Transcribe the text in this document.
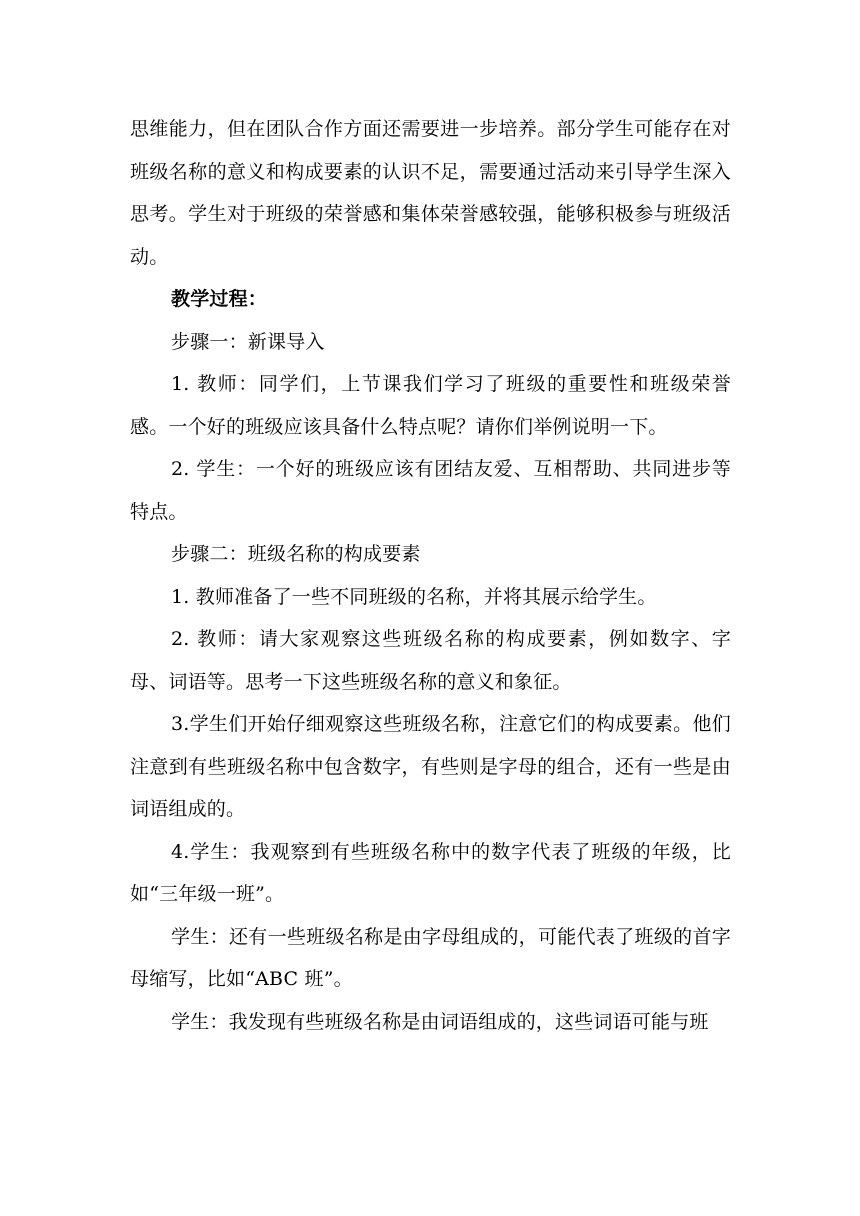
思维能力，但在团队合作方面还需要进一步培养。部分学生可能存在对班级名称的意义和构成要素的认识不足，需要通过活动来引导学生深入思考。学生对于班级的荣誉感和集体荣誉感较强，能够积极参与班级活动。

教学过程：

步骤一：新课导入

1. 教师：同学们，上节课我们学习了班级的重要性和班级荣誉感。一个好的班级应该具备什么特点呢？请你们举例说明一下。

2. 学生：一个好的班级应该有团结友爱、互相帮助、共同进步等特点。

步骤二：班级名称的构成要素

1. 教师准备了一些不同班级的名称，并将其展示给学生。

2. 教师：请大家观察这些班级名称的构成要素，例如数字、字母、词语等。思考一下这些班级名称的意义和象征。

3.学生们开始仔细观察这些班级名称，注意它们的构成要素。他们注意到有些班级名称中包含数字，有些则是字母的组合，还有一些是由词语组成的。

4.学生：我观察到有些班级名称中的数字代表了班级的年级，比如“三年级一班”。

学生：还有一些班级名称是由字母组成的，可能代表了班级的首字母缩写，比如“ABC 班”。

学生：我发现有些班级名称是由词语组成的，这些词语可能与班
